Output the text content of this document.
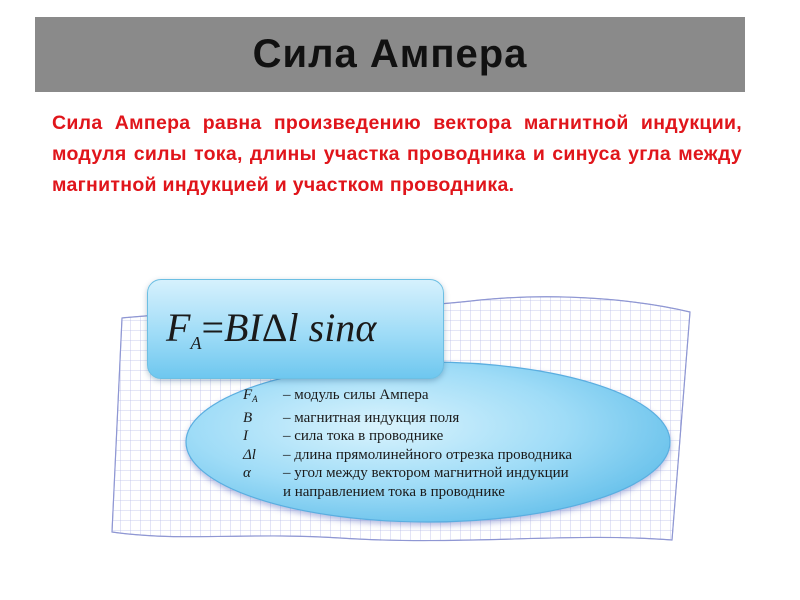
Сила Ампера

Сила Ампера равна произведению вектора магнитной индукции, модуля силы тока, длины участка проводника и синуса угла между магнитной индукцией и участком проводника.

$F_A=BI\Delta l$ sinα
$F_A$	– модуль силы Ампера
B	– магнитная индукция поля
I	– сила тока в проводнике
Δl	– длина прямолинейного отрезка проводника
α	– угол между вектором магнитной индукции
и направлением тока в проводнике
